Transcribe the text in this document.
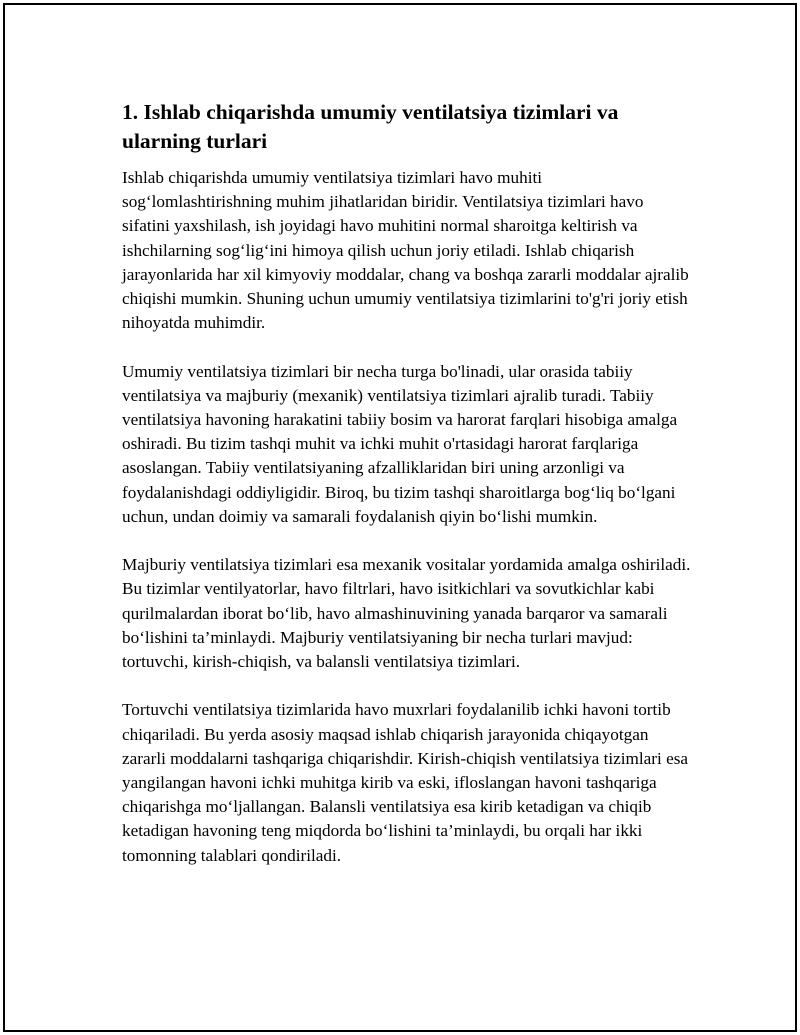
1. Ishlab chiqarishda umumiy ventilatsiya tizimlari va ularning turlari

Ishlab chiqarishda umumiy ventilatsiya tizimlari havo muhiti sog‘lomlashtirishning muhim jihatlaridan biridir. Ventilatsiya tizimlari havo sifatini yaxshilash, ish joyidagi havo muhitini normal sharoitga keltirish va ishchilarning sog‘lig‘ini himoya qilish uchun joriy etiladi. Ishlab chiqarish jarayonlarida har xil kimyoviy moddalar, chang va boshqa zararli moddalar ajralib chiqishi mumkin. Shuning uchun umumiy ventilatsiya tizimlarini to'g'ri joriy etish nihoyatda muhimdir.

Umumiy ventilatsiya tizimlari bir necha turga bo'linadi, ular orasida tabiiy ventilatsiya va majburiy (mexanik) ventilatsiya tizimlari ajralib turadi. Tabiiy ventilatsiya havoning harakatini tabiiy bosim va harorat farqlari hisobiga amalga oshiradi. Bu tizim tashqi muhit va ichki muhit o'rtasidagi harorat farqlariga asoslangan. Tabiiy ventilatsiyaning afzalliklaridan biri uning arzonligi va foydalanishdagi oddiyligidir. Biroq, bu tizim tashqi sharoitlarga bog‘liq bo‘lgani uchun, undan doimiy va samarali foydalanish qiyin bo‘lishi mumkin.

Majburiy ventilatsiya tizimlari esa mexanik vositalar yordamida amalga oshiriladi. Bu tizimlar ventilyatorlar, havo filtrlari, havo isitkichlari va sovutkichlar kabi qurilmalardan iborat bo‘lib, havo almashinuvining yanada barqaror va samarali bo‘lishini ta’minlaydi. Majburiy ventilatsiyaning bir necha turlari mavjud: tortuvchi, kirish-chiqish, va balansli ventilatsiya tizimlari.

Tortuvchi ventilatsiya tizimlarida havo muxrlari foydalanilib ichki havoni tortib chiqariladi. Bu yerda asosiy maqsad ishlab chiqarish jarayonida chiqayotgan zararli moddalarni tashqariga chiqarishdir. Kirish-chiqish ventilatsiya tizimlari esa yangilangan havoni ichki muhitga kirib va eski, ifloslangan havoni tashqariga chiqarishga mo‘ljallangan. Balansli ventilatsiya esa kirib ketadigan va chiqib ketadigan havoning teng miqdorda bo‘lishini ta’minlaydi, bu orqali har ikki tomonning talablari qondiriladi.
